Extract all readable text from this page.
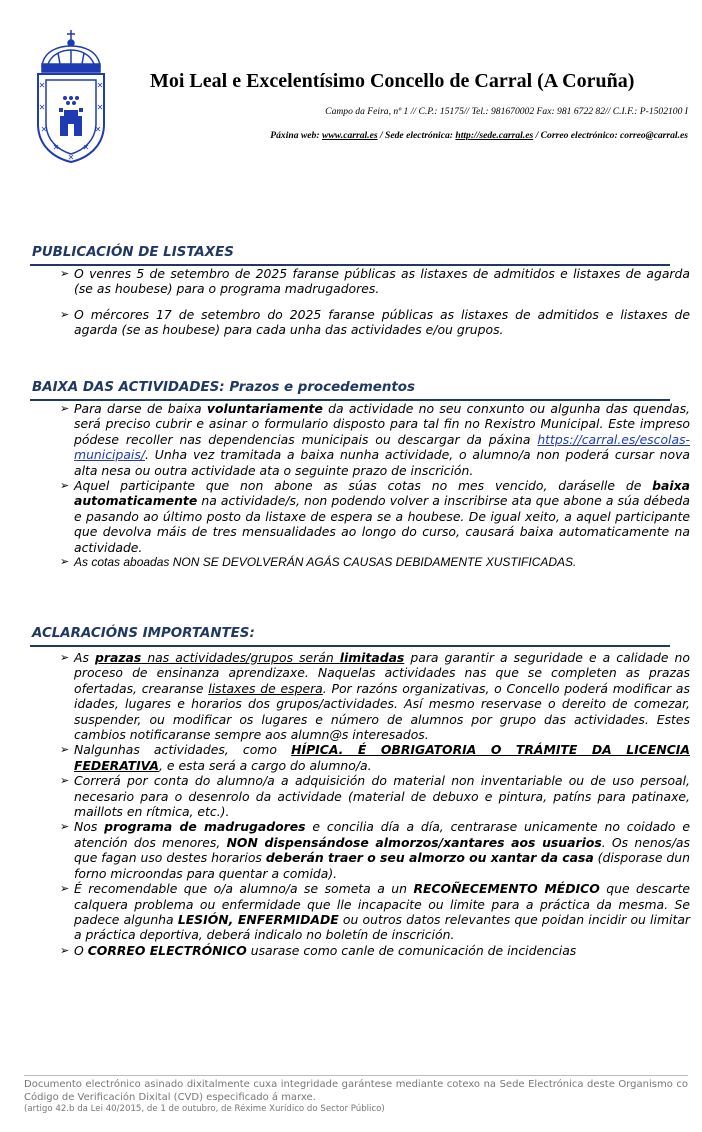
✕	✕
✕	✕
✕	✕
✕	✕
✕
Moi Leal e Excelentísimo Concello de Carral (A Coruña)
Campo da Feira, nº 1 // C.P.: 15175// Tel.: 981670002 Fax: 981 6722 82// C.I.F.: P-1502100 I
Páxina web: www.carral.es / Sede electrónica: http://sede.carral.es / Correo electrónico: correo@carral.es
PUBLICACIÓN DE LISTAXES
➢ O venres 5 de setembro de 2025 faranse públicas as listaxes de admitidos e listaxes de agarda (se as houbese) para o programa madrugadores.
➢ O mércores 17 de setembro do 2025 faranse públicas as listaxes de admitidos e listaxes de agarda (se as houbese) para cada unha das actividades e/ou grupos.
BAIXA DAS ACTIVIDADES: Prazos e procedementos
➢ Para darse de baixa voluntariamente da actividade no seu conxunto ou algunha das quendas, será preciso cubrir e asinar o formulario disposto para tal fin no Rexistro Municipal. Este impreso pódese recoller nas dependencias municipais ou descargar da páxina https://carral.es/escolas-municipais/. Unha vez tramitada a baixa nunha actividade, o alumno/a non poderá cursar nova alta nesa ou outra actividade ata o seguinte prazo de inscrición.
➢ Aquel participante que non abone as súas cotas no mes vencido, daráselle de baixa automaticamente na actividade/s, non podendo volver a inscribirse ata que abone a súa débeda e pasando ao último posto da listaxe de espera se a houbese. De igual xeito, a aquel participante que devolva máis de tres mensualidades ao longo do curso, causará baixa automaticamente na actividade.
➢ As cotas aboadas NON SE DEVOLVERÁN AGÁS CAUSAS DEBIDAMENTE XUSTIFICADAS.
ACLARACIÓNS IMPORTANTES:
➢ As prazas nas actividades/grupos serán limitadas para garantir a seguridade e a calidade no proceso de ensinanza aprendizaxe. Naquelas actividades nas que se completen as prazas ofertadas, crearanse listaxes de espera. Por razóns organizativas, o Concello poderá modificar as idades, lugares e horarios dos grupos/actividades. Así mesmo reservase o dereito de comezar, suspender, ou modificar os lugares e número de alumnos por grupo das actividades. Estes cambios notificaranse sempre aos alumn@s interesados.
➢ Nalgunhas actividades, como HÍPICA. É OBRIGATORIA O TRÁMITE DA LICENCIA FEDERATIVA, e esta será a cargo do alumno/a.
➢ Correrá por conta do alumno/a a adquisición do material non inventariable ou de uso persoal, necesario para o desenrolo da actividade (material de debuxo e pintura, patíns para patinaxe, maillots en rítmica, etc.).
➢ Nos programa de madrugadores e concilia día a día, centrarase unicamente no coidado e atención dos menores, NON dispensándose almorzos/xantares aos usuarios. Os nenos/as que fagan uso destes horarios deberán traer o seu almorzo ou xantar da casa (disporase dun forno microondas para quentar a comida).
➢ É recomendable que o/a alumno/a se someta a un RECOÑECEMENTO MÉDICO que descarte calquera problema ou enfermidade que lle incapacite ou limite para a práctica da mesma. Se padece algunha LESIÓN, ENFERMIDADE ou outros datos relevantes que poidan incidir ou limitar a práctica deportiva, deberá indicalo no boletín de inscrición.
➢ O CORREO ELECTRÓNICO usarase como canle de comunicación de incidencias
Documento electrónico asinado dixitalmente cuxa integridade garántese mediante cotexo na Sede Electrónica deste Organismo co Código de Verificación Dixital (CVD) especificado á marxe.
(artigo 42.b da Lei 40/2015, de 1 de outubro, de Réxime Xurídico do Sector Público)
